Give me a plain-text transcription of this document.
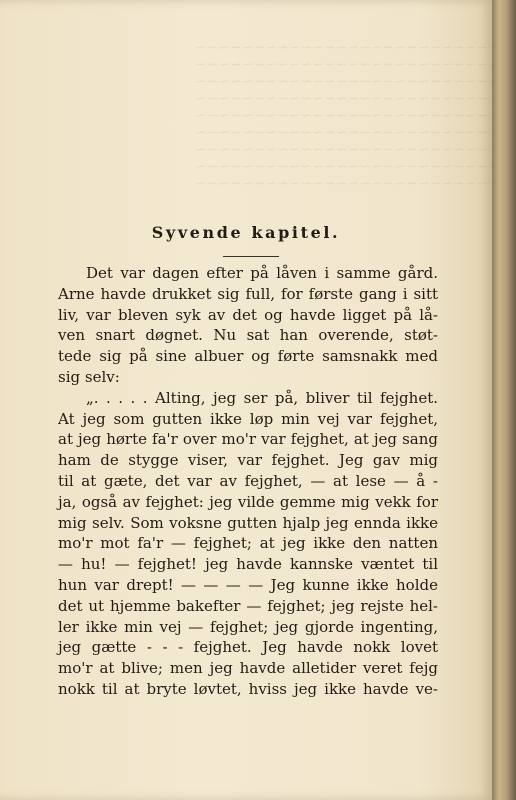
~~~~~~~~~~~~~~~~~~~~~~~~~~
~~~~~~~~~~~~~~~~~~~~~~~~~~
~~~~~~~~~~~~~~~~~~~~~~~~~~
~~~~~~~~~~~~~~~~~~~~~~~~~~
~~~~~~~~~~~~~~~~~~~~~~~~~~
~~~~~~~~~~~~~~~~~~~~~~~~~~
~~~~~~~~~~~~~~~~~~~~~~~~~~
~~~~~~~~~~~~~~~~~~~~~~~~~~
~~~~~~~~~~~~~~~~~~~~~~~~~~
Syvende kapitel.
Det var dagen efter på låven i samme gård.
Arne havde drukket sig full, for første gang i sitt
liv, var bleven syk av det og havde ligget på lå-
ven snart døgnet. Nu sat han overende, støt-
tede sig på sine albuer og førte samsnakk med
sig selv:
„. . . . . Alting, jeg ser på, bliver til fejghet.
At jeg som gutten ikke løp min vej var fejghet,
at jeg hørte fa'r over mo'r var fejghet, at jeg sang
ham de stygge viser, var fejghet. Jeg gav mig
til at gæte, det var av fejghet, — at lese — å -
ja, også av fejghet: jeg vilde gemme mig vekk for
mig selv. Som voksne gutten hjalp jeg ennda ikke
mo'r mot fa'r — fejghet; at jeg ikke den natten
— hu! — fejghet! jeg havde kannske væntet til
hun var drept! — — — — Jeg kunne ikke holde
det ut hjemme bakefter — fejghet; jeg rejste hel-
ler ikke min vej — fejghet; jeg gjorde ingenting,
jeg gætte - - - fejghet. Jeg havde nokk lovet
mo'r at blive; men jeg havde alletider veret fejg
nokk til at bryte løvtet, hviss jeg ikke havde ve-
